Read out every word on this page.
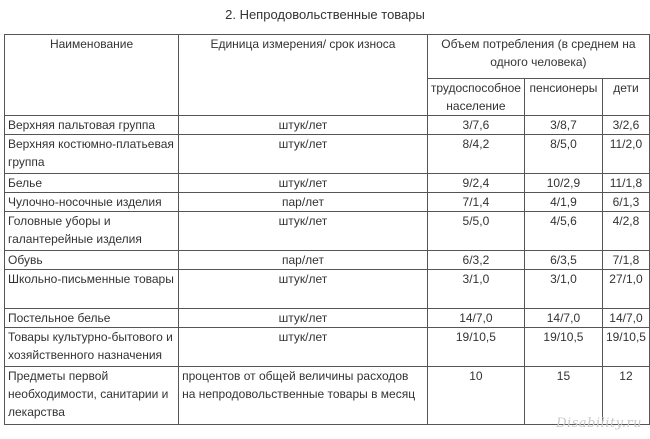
2. Непродовольственные товары
Наименование	Единица измерения/ срок износа	Объем потребления (в среднем на одного человека)		
		трудоспособное население	пенсионеры	дети
Верхняя пальтовая группа	штук/лет	3/7,6	3/8,7	3/2,6
Верхняя костюмно-платьевая группа	штук/лет	8/4,2	8/5,0	11/2,0
Белье	штук/лет	9/2,4	10/2,9	11/1,8
Чулочно-носочные изделия	пар/лет	7/1,4	4/1,9	6/1,3
Головные уборы и галантерейные изделия	штук/лет	5/5,0	4/5,6	4/2,8
Обувь	пар/лет	6/3,2	6/3,5	7/1,8
Школьно-письменные товары	штук/лет	3/1,0	3/1,0	27/1,0
Постельное белье	штук/лет	14/7,0	14/7,0	14/7,0
Товары культурно-бытового и хозяйственного назначения	штук/лет	19/10,5	19/10,5	19/10,5
Предметы первой необходимости, санитарии и лекарства	процентов от общей величины расходов на непродовольственные товары в месяц	10	15	12
Disability.ru
